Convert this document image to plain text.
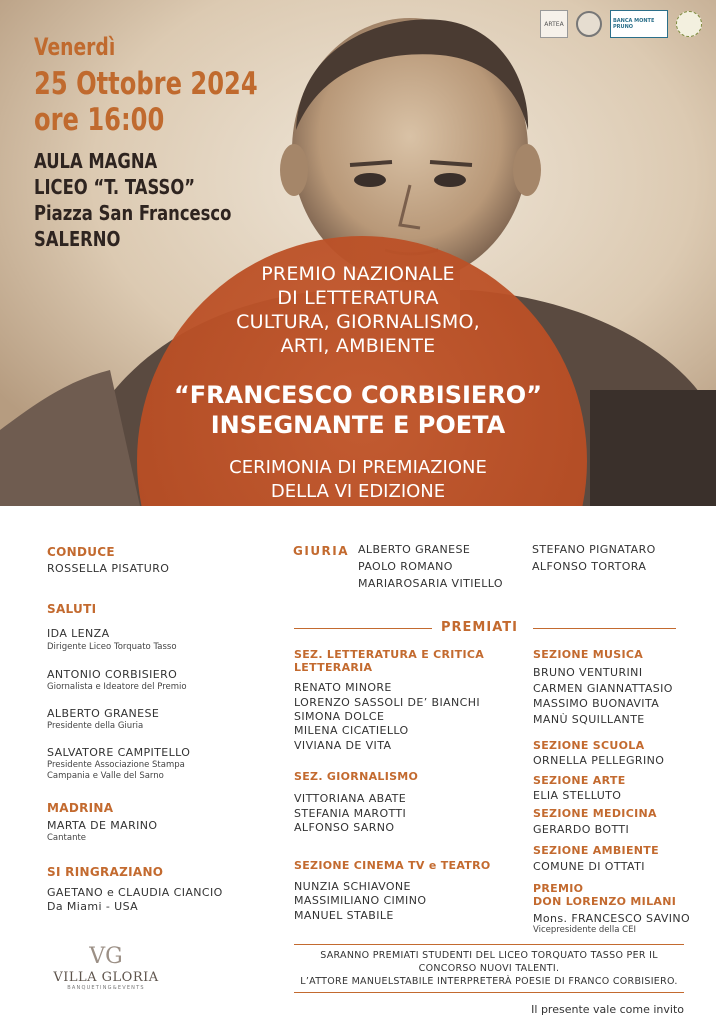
ARTEA	BANCA MONTE PRUNO
Venerdì
25 Ottobre 2024
ore 16:00
AULA MAGNA
LICEO “T. TASSO”
Piazza San Francesco
SALERNO
PREMIO NAZIONALE
DI LETTERATURA
CULTURA, GIORNALISMO,
ARTI, AMBIENTE
“FRANCESCO CORBISIERO”
INSEGNANTE E POETA
CERIMONIA DI PREMIAZIONE
DELLA VI EDIZIONE
CONDUCE
ROSSELLA PISATURO
SALUTI
IDA LENZA
Dirigente Liceo Torquato Tasso
ANTONIO CORBISIERO
Giornalista e Ideatore del Premio
ALBERTO GRANESE
Presidente della Giuria
SALVATORE CAMPITELLO
Presidente Associazione Stampa
Campania e Valle del Sarno
MADRINA
MARTA DE MARINO
Cantante
SI RINGRAZIANO
GAETANO e CLAUDIA CIANCIO
Da Miami - USA
VG
VILLA GLORIA
BANQUETING&EVENTS
GIURIA ALBERTO GRANESE
PAOLO ROMANO
MARIAROSARIA VITIELLO
STEFANO PIGNATARO
ALFONSO TORTORA
PREMIATI
SEZ. LETTERATURA E CRITICA
LETTERARIA
RENATO MINORE
LORENZO SASSOLI DE’ BIANCHI
SIMONA DOLCE
MILENA CICATIELLO
VIVIANA DE VITA
SEZ. GIORNALISMO
VITTORIANA ABATE
STEFANIA MAROTTI
ALFONSO SARNO
SEZIONE CINEMA TV e TEATRO
NUNZIA SCHIAVONE
MASSIMILIANO CIMINO
MANUEL STABILE
SEZIONE MUSICA
BRUNO VENTURINI
CARMEN GIANNATTASIO
MASSIMO BUONAVITA
MANÙ SQUILLANTE
SEZIONE SCUOLA
ORNELLA PELLEGRINO
SEZIONE ARTE
ELIA STELLUTO
SEZIONE MEDICINA
GERARDO BOTTI
SEZIONE AMBIENTE
COMUNE DI OTTATI
PREMIO
DON LORENZO MILANI
Mons. FRANCESCO SAVINO
Vicepresidente della CEI
SARANNO PREMIATI STUDENTI DEL LICEO TORQUATO TASSO PER IL
CONCORSO NUOVI TALENTI.
L’ATTORE MANUELSTABILE INTERPRETERÀ POESIE DI FRANCO CORBISIERO.
Il presente vale come invito
